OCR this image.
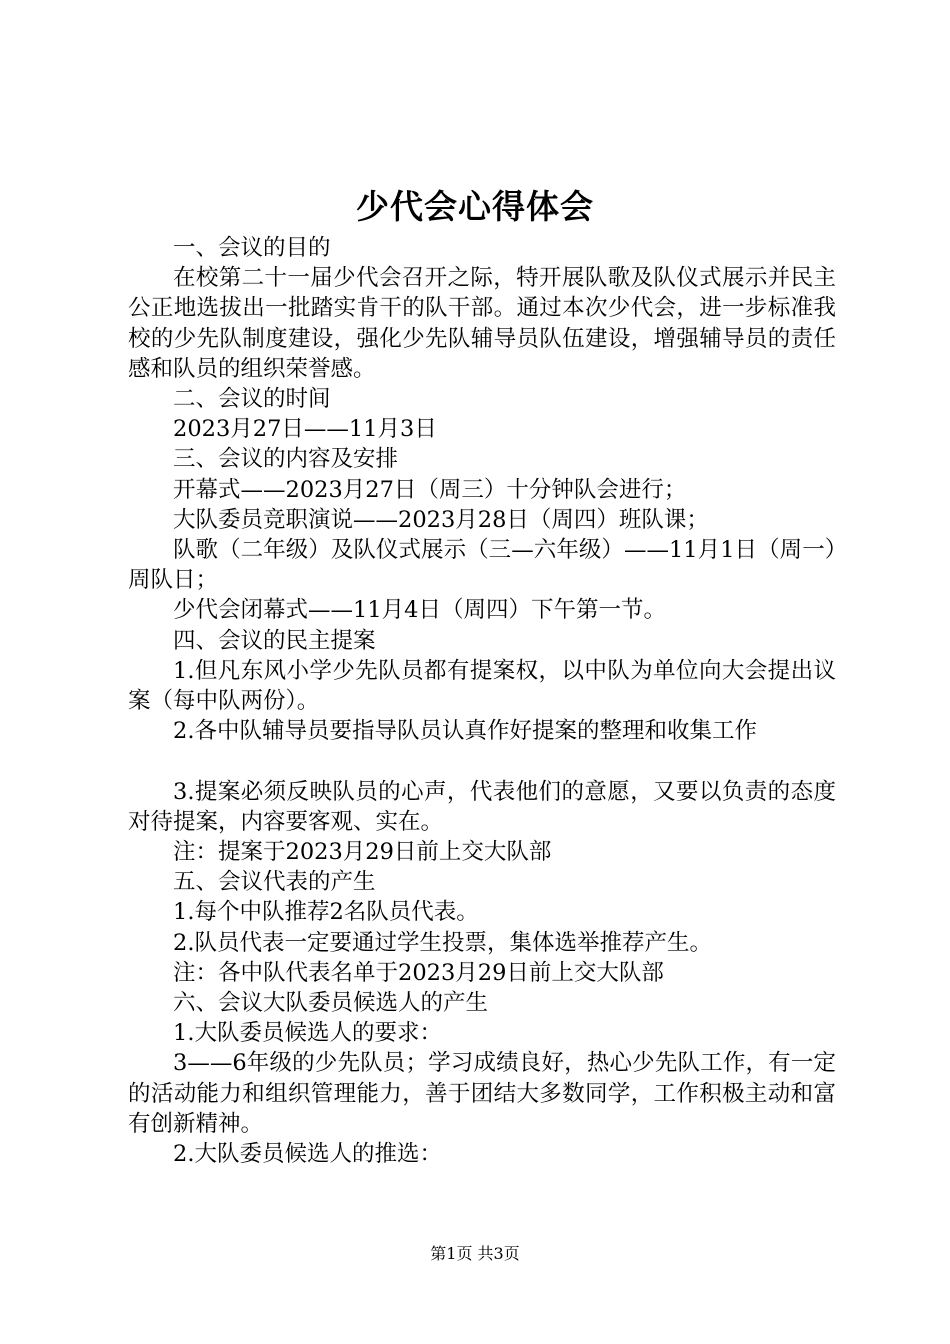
少代会心得体会

一、会议的目的

在校第二十一届少代会召开之际，特开展队歌及队仪式展示并民主公正地选拔出一批踏实肯干的队干部。通过本次少代会，进一步标准我校的少先队制度建设，强化少先队辅导员队伍建设，增强辅导员的责任感和队员的组织荣誉感。

二、会议的时间

2023月27日——11月3日

三、会议的内容及安排

开幕式——2023月27日（周三）十分钟队会进行；

大队委员竞职演说——2023月28日（周四）班队课；

队歌（二年级）及队仪式展示（三—六年级）——11月1日（周一）周队日；

少代会闭幕式——11月4日（周四）下午第一节。

四、会议的民主提案

1.但凡东风小学少先队员都有提案权，以中队为单位向大会提出议案（每中队两份）。

2.各中队辅导员要指导队员认真作好提案的整理和收集工作

3.提案必须反映队员的心声，代表他们的意愿，又要以负责的态度对待提案，内容要客观、实在。

注：提案于2023月29日前上交大队部

五、会议代表的产生

1.每个中队推荐2名队员代表。

2.队员代表一定要通过学生投票，集体选举推荐产生。

注：各中队代表名单于2023月29日前上交大队部

六、会议大队委员候选人的产生

1.大队委员候选人的要求：

3——6年级的少先队员；学习成绩良好，热心少先队工作，有一定的活动能力和组织管理能力，善于团结大多数同学，工作积极主动和富有创新精神。

2.大队委员候选人的推选：

第1页 共3页
